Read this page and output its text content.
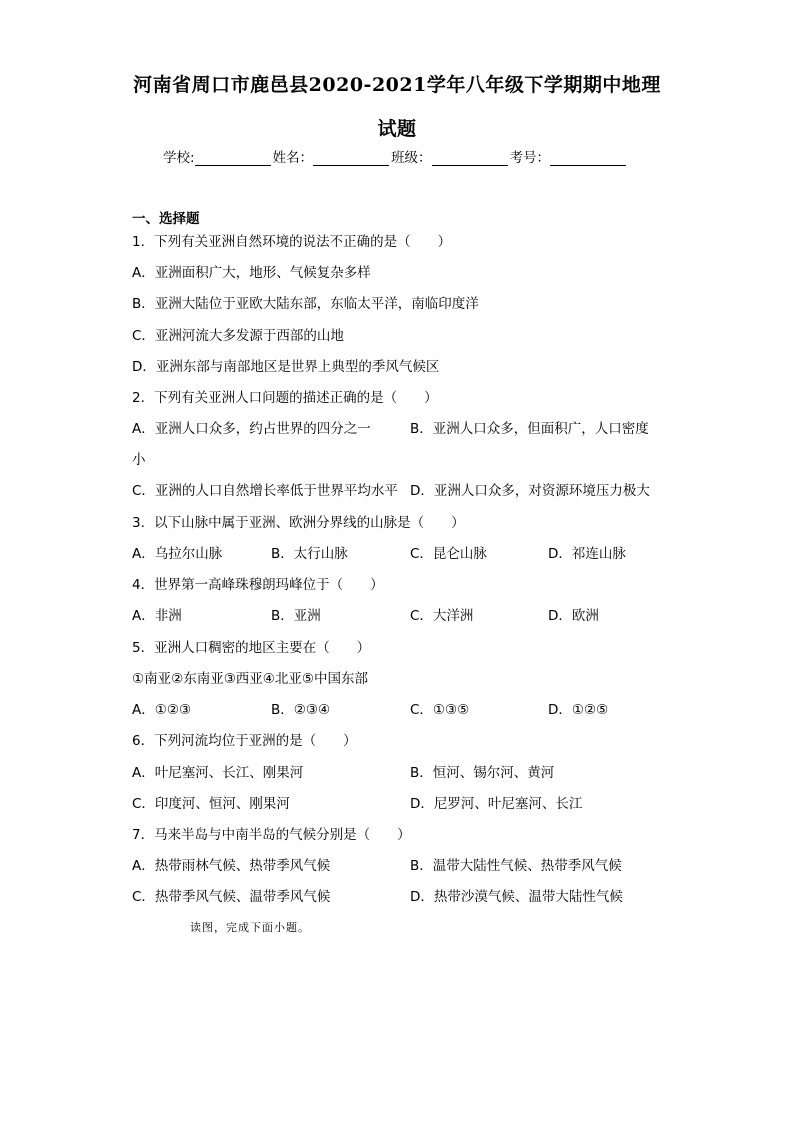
河南省周口市鹿邑县2020-2021学年八年级下学期期中地理
试题
学校:	姓名：	班级：	考号：
一、选择题
1．下列有关亚洲自然环境的说法不正确的是（　　）
A．亚洲面积广大，地形、气候复杂多样
B．亚洲大陆位于亚欧大陆东部，东临太平洋，南临印度洋
C．亚洲河流大多发源于西部的山地
D．亚洲东部与南部地区是世界上典型的季风气候区
2．下列有关亚洲人口问题的描述正确的是（　　）
A．亚洲人口众多，约占世界的四分之一	B．亚洲人口众多，但面积广，人口密度
小
C．亚洲的人口自然增长率低于世界平均水平 D．亚洲人口众多，对资源环境压力极大
3．以下山脉中属于亚洲、欧洲分界线的山脉是（　　）
A．乌拉尔山脉	B．太行山脉	C．昆仑山脉	D．祁连山脉
4．世界第一高峰珠穆朗玛峰位于（　　）
A．非洲	B．亚洲	C．大洋洲	D．欧洲
5．亚洲人口稠密的地区主要在（　　）
①南亚②东南亚③西亚④北亚⑤中国东部
A．①②③	B．②③④	C．①③⑤	D．①②⑤
6．下列河流均位于亚洲的是（　　）
A．叶尼塞河、长江、刚果河	B．恒河、锡尔河、黄河
C．印度河、恒河、刚果河	D．尼罗河、叶尼塞河、长江
7．马来半岛与中南半岛的气候分别是（　　）
A．热带雨林气候、热带季风气候	B．温带大陆性气候、热带季风气候
C．热带季风气候、温带季风气候	D．热带沙漠气候、温带大陆性气候
读图，完成下面小题。
